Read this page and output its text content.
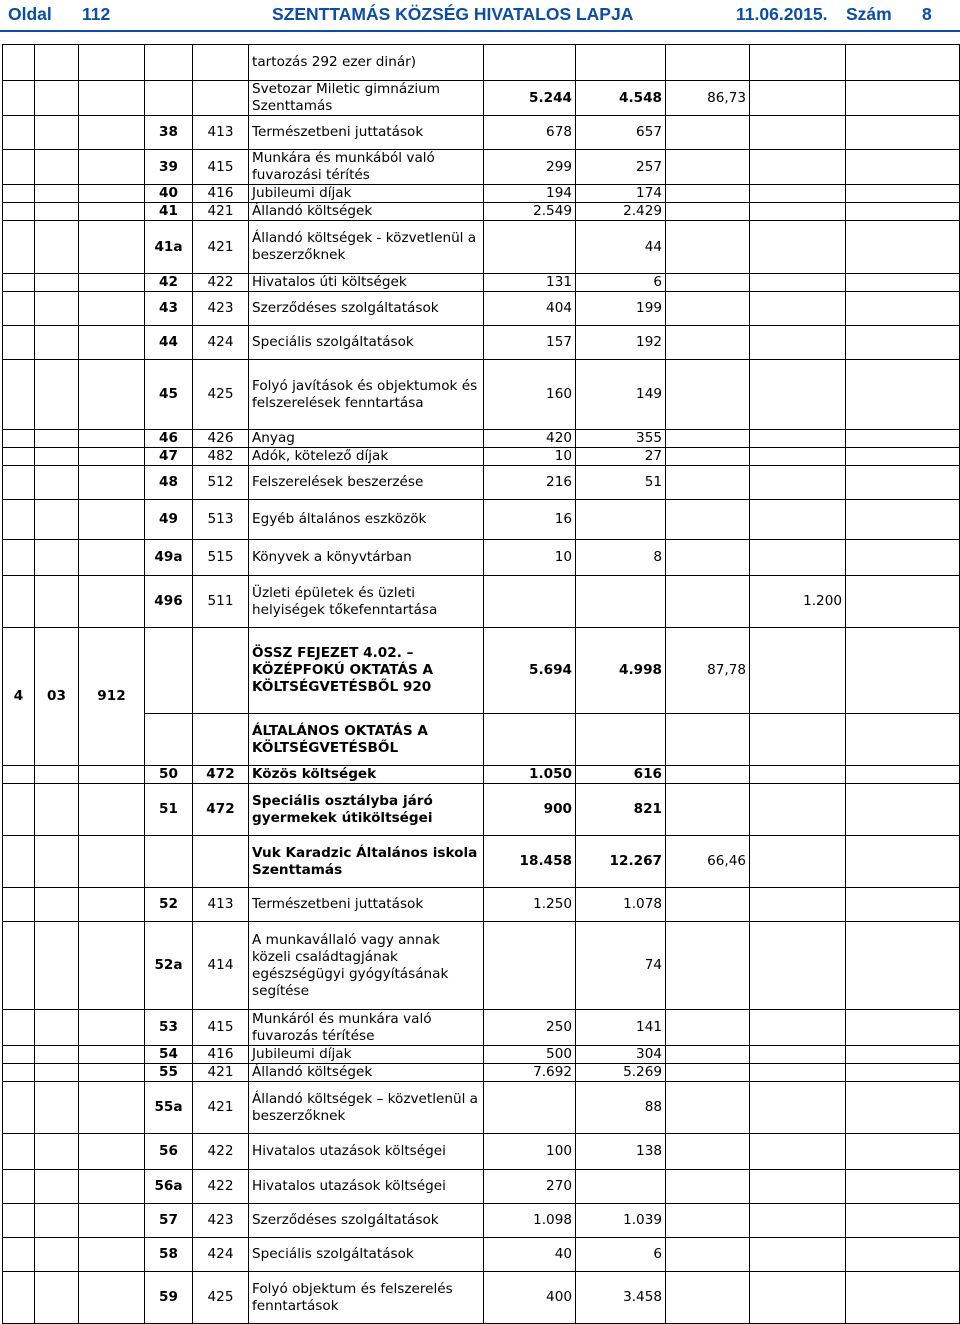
Oldal 112	SZENTTAMÁS KÖZSÉG HIVATALOS LAPJA	11.06.2015. Szám 8
					tartozás 292 ezer dinár)					
					Svetozar Miletic gimnázium Szenttamás	5.244	4.548	86,73		
			38	413	Természetbeni juttatások	678	657			
			39	415	Munkára és munkából való fuvarozási térítés	299	257			
			40	416	Jubileumi díjak	194	174			
			41	421	Állandó költségek	2.549	2.429			
			41a	421	Állandó költségek - közvetlenül a beszerzőknek		44			
			42	422	Hivatalos úti költségek	131	6			
			43	423	Szerződéses szolgáltatások	404	199			
			44	424	Speciális szolgáltatások	157	192			
			45	425	Folyó javítások és objektumok és felszerelések fenntartása	160	149			
			46	426	Anyag	420	355			
			47	482	Adók, kötelező díjak	10	27			
			48	512	Felszerelések beszerzése	216	51			
			49	513	Egyéb általános eszközök	16				
			49a	515	Könyvek a könyvtárban	10	8			
			496	511	Üzleti épületek és üzleti helyiségek tőkefenntartása				1.200	
4	03	912			ÖSSZ FEJEZET 4.02. – KÖZÉPFOKÚ OKTATÁS A KÖLTSÉGVETÉSBŐL 920	5.694	4.998	87,78		
					ÁLTALÁNOS OKTATÁS A KÖLTSÉGVETÉSBŐL					
			50	472	Közös költségek	1.050	616			
			51	472	Speciális osztályba járó gyermekek útiköltségei	900	821			
					Vuk Karadzic Általános iskola Szenttamás	18.458	12.267	66,46		
			52	413	Természetbeni juttatások	1.250	1.078			
			52a	414	A munkavállaló vagy annak közeli családtagjának egészségügyi gyógyításának segítése		74			
			53	415	Munkáról és munkára való fuvarozás térítése	250	141			
			54	416	Jubileumi díjak	500	304			
			55	421	Állandó költségek	7.692	5.269			
			55a	421	Állandó költségek – közvetlenül a beszerzőknek		88			
			56	422	Hivatalos utazások költségei	100	138			
			56a	422	Hivatalos utazások költségei	270				
			57	423	Szerződéses szolgáltatások	1.098	1.039			
			58	424	Speciális szolgáltatások	40	6			
			59	425	Folyó objektum és felszerelés fenntartások	400	3.458			
